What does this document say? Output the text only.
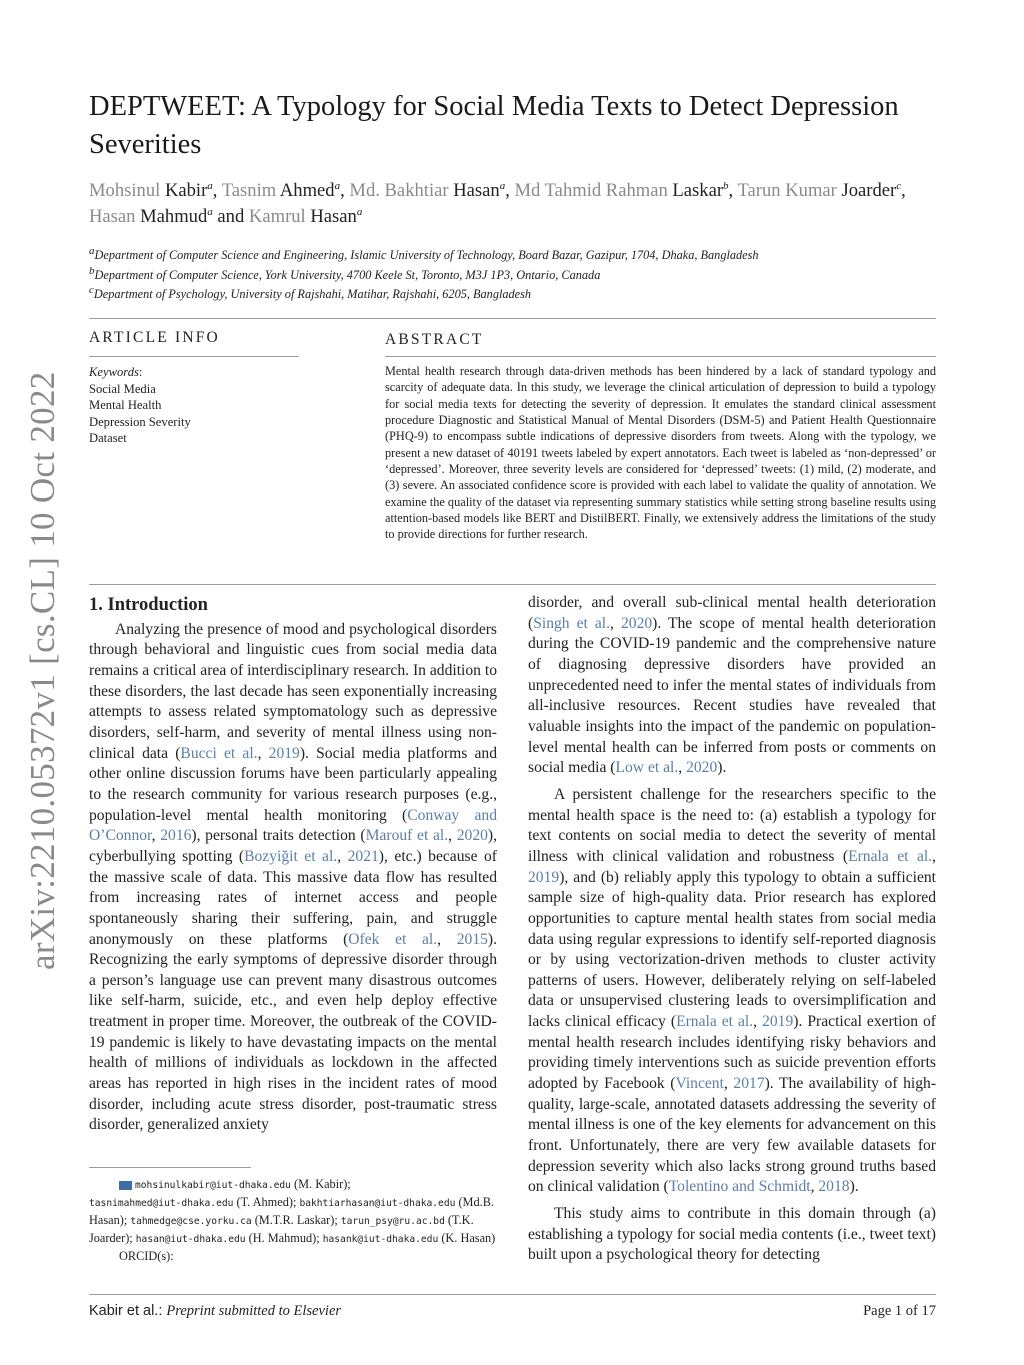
arXiv:2210.05372v1 [cs.CL] 10 Oct 2022
DEPTWEET: A Typology for Social Media Texts to Detect Depression Severities
Mohsinul Kabir$^a$, Tasnim Ahmed$^a$, Md. Bakhtiar Hasan$^a$, Md Tahmid Rahman Laskar$^b$, Tarun Kumar Joarder$^c$, Hasan Mahmud$^a$ and Kamrul Hasan$^a$
$^a$Department of Computer Science and Engineering, Islamic University of Technology, Board Bazar, Gazipur, 1704, Dhaka, Bangladesh
$^b$Department of Computer Science, York University, 4700 Keele St, Toronto, M3J 1P3, Ontario, Canada
$^c$Department of Psychology, University of Rajshahi, Matihar, Rajshahi, 6205, Bangladesh
ARTICLE INFO
Keywords:
Social Media
Mental Health
Depression Severity
Dataset
ABSTRACT
Mental health research through data-driven methods has been hindered by a lack of standard typology and scarcity of adequate data. In this study, we leverage the clinical articulation of depression to build a typology for social media texts for detecting the severity of depression. It emulates the standard clinical assessment procedure Diagnostic and Statistical Manual of Mental Disorders (DSM-5) and Patient Health Questionnaire (PHQ-9) to encompass subtle indications of depressive disorders from tweets. Along with the typology, we present a new dataset of 40191 tweets labeled by expert annotators. Each tweet is labeled as ‘non-depressed’ or ‘depressed’. Moreover, three severity levels are considered for ‘depressed’ tweets: (1) mild, (2) moderate, and (3) severe. An associated confidence score is provided with each label to validate the quality of annotation. We examine the quality of the dataset via representing summary statistics while setting strong baseline results using attention-based models like BERT and DistilBERT. Finally, we extensively address the limitations of the study to provide directions for further research.
1. Introduction

Analyzing the presence of mood and psychological disorders through behavioral and linguistic cues from social media data remains a critical area of interdisciplinary research. In addition to these disorders, the last decade has seen exponentially increasing attempts to assess related symptomatology such as depressive disorders, self-harm, and severity of mental illness using non-clinical data (Bucci et al., 2019). Social media platforms and other online discussion forums have been particularly appealing to the research community for various research purposes (e.g., population-level mental health monitoring (Conway and O’Connor, 2016), personal traits detection (Marouf et al., 2020), cyberbullying spotting (Bozyiğit et al., 2021), etc.) because of the massive scale of data. This massive data flow has resulted from increasing rates of internet access and people spontaneously sharing their suffering, pain, and struggle anonymously on these platforms (Ofek et al., 2015). Recognizing the early symptoms of depressive disorder through a person’s language use can prevent many disastrous outcomes like self-harm, suicide, etc., and even help deploy effective treatment in proper time. Moreover, the outbreak of the COVID-19 pandemic is likely to have devastating impacts on the mental health of millions of individuals as lockdown in the affected areas has reported in high rises in the incident rates of mood disorder, including acute stress disorder, post-traumatic stress disorder, generalized anxiety

disorder, and overall sub-clinical mental health deterioration (Singh et al., 2020). The scope of mental health deterioration during the COVID-19 pandemic and the comprehensive nature of diagnosing depressive disorders have provided an unprecedented need to infer the mental states of individuals from all-inclusive resources. Recent studies have revealed that valuable insights into the impact of the pandemic on population-level mental health can be inferred from posts or comments on social media (Low et al., 2020).

A persistent challenge for the researchers specific to the mental health space is the need to: (a) establish a typology for text contents on social media to detect the severity of mental illness with clinical validation and robustness (Ernala et al., 2019), and (b) reliably apply this typology to obtain a sufficient sample size of high-quality data. Prior research has explored opportunities to capture mental health states from social media data using regular expressions to identify self-reported diagnosis or by using vectorization-driven methods to cluster activity patterns of users. However, deliberately relying on self-labeled data or unsupervised clustering leads to oversimplification and lacks clinical efficacy (Ernala et al., 2019). Practical exertion of mental health research includes identifying risky behaviors and providing timely interventions such as suicide prevention efforts adopted by Facebook (Vincent, 2017). The availability of high-quality, large-scale, annotated datasets addressing the severity of mental illness is one of the key elements for advancement on this front. Unfortunately, there are very few available datasets for depression severity which also lacks strong ground truths based on clinical validation (Tolentino and Schmidt, 2018).

This study aims to contribute in this domain through (a) establishing a typology for social media contents (i.e., tweet text) built upon a psychological theory for detecting

mohsinulkabir@iut-dhaka.edu (M. Kabir);
tasnimahmed@iut-dhaka.edu (T. Ahmed); bakhtiarhasan@iut-dhaka.edu (Md.B. Hasan); tahmedge@cse.yorku.ca (M.T.R. Laskar); tarun_psy@ru.ac.bd (T.K. Joarder); hasan@iut-dhaka.edu (H. Mahmud); hasank@iut-dhaka.edu (K. Hasan)
ORCID(s):
Kabir et al.: Preprint submitted to Elsevier	Page 1 of 17
